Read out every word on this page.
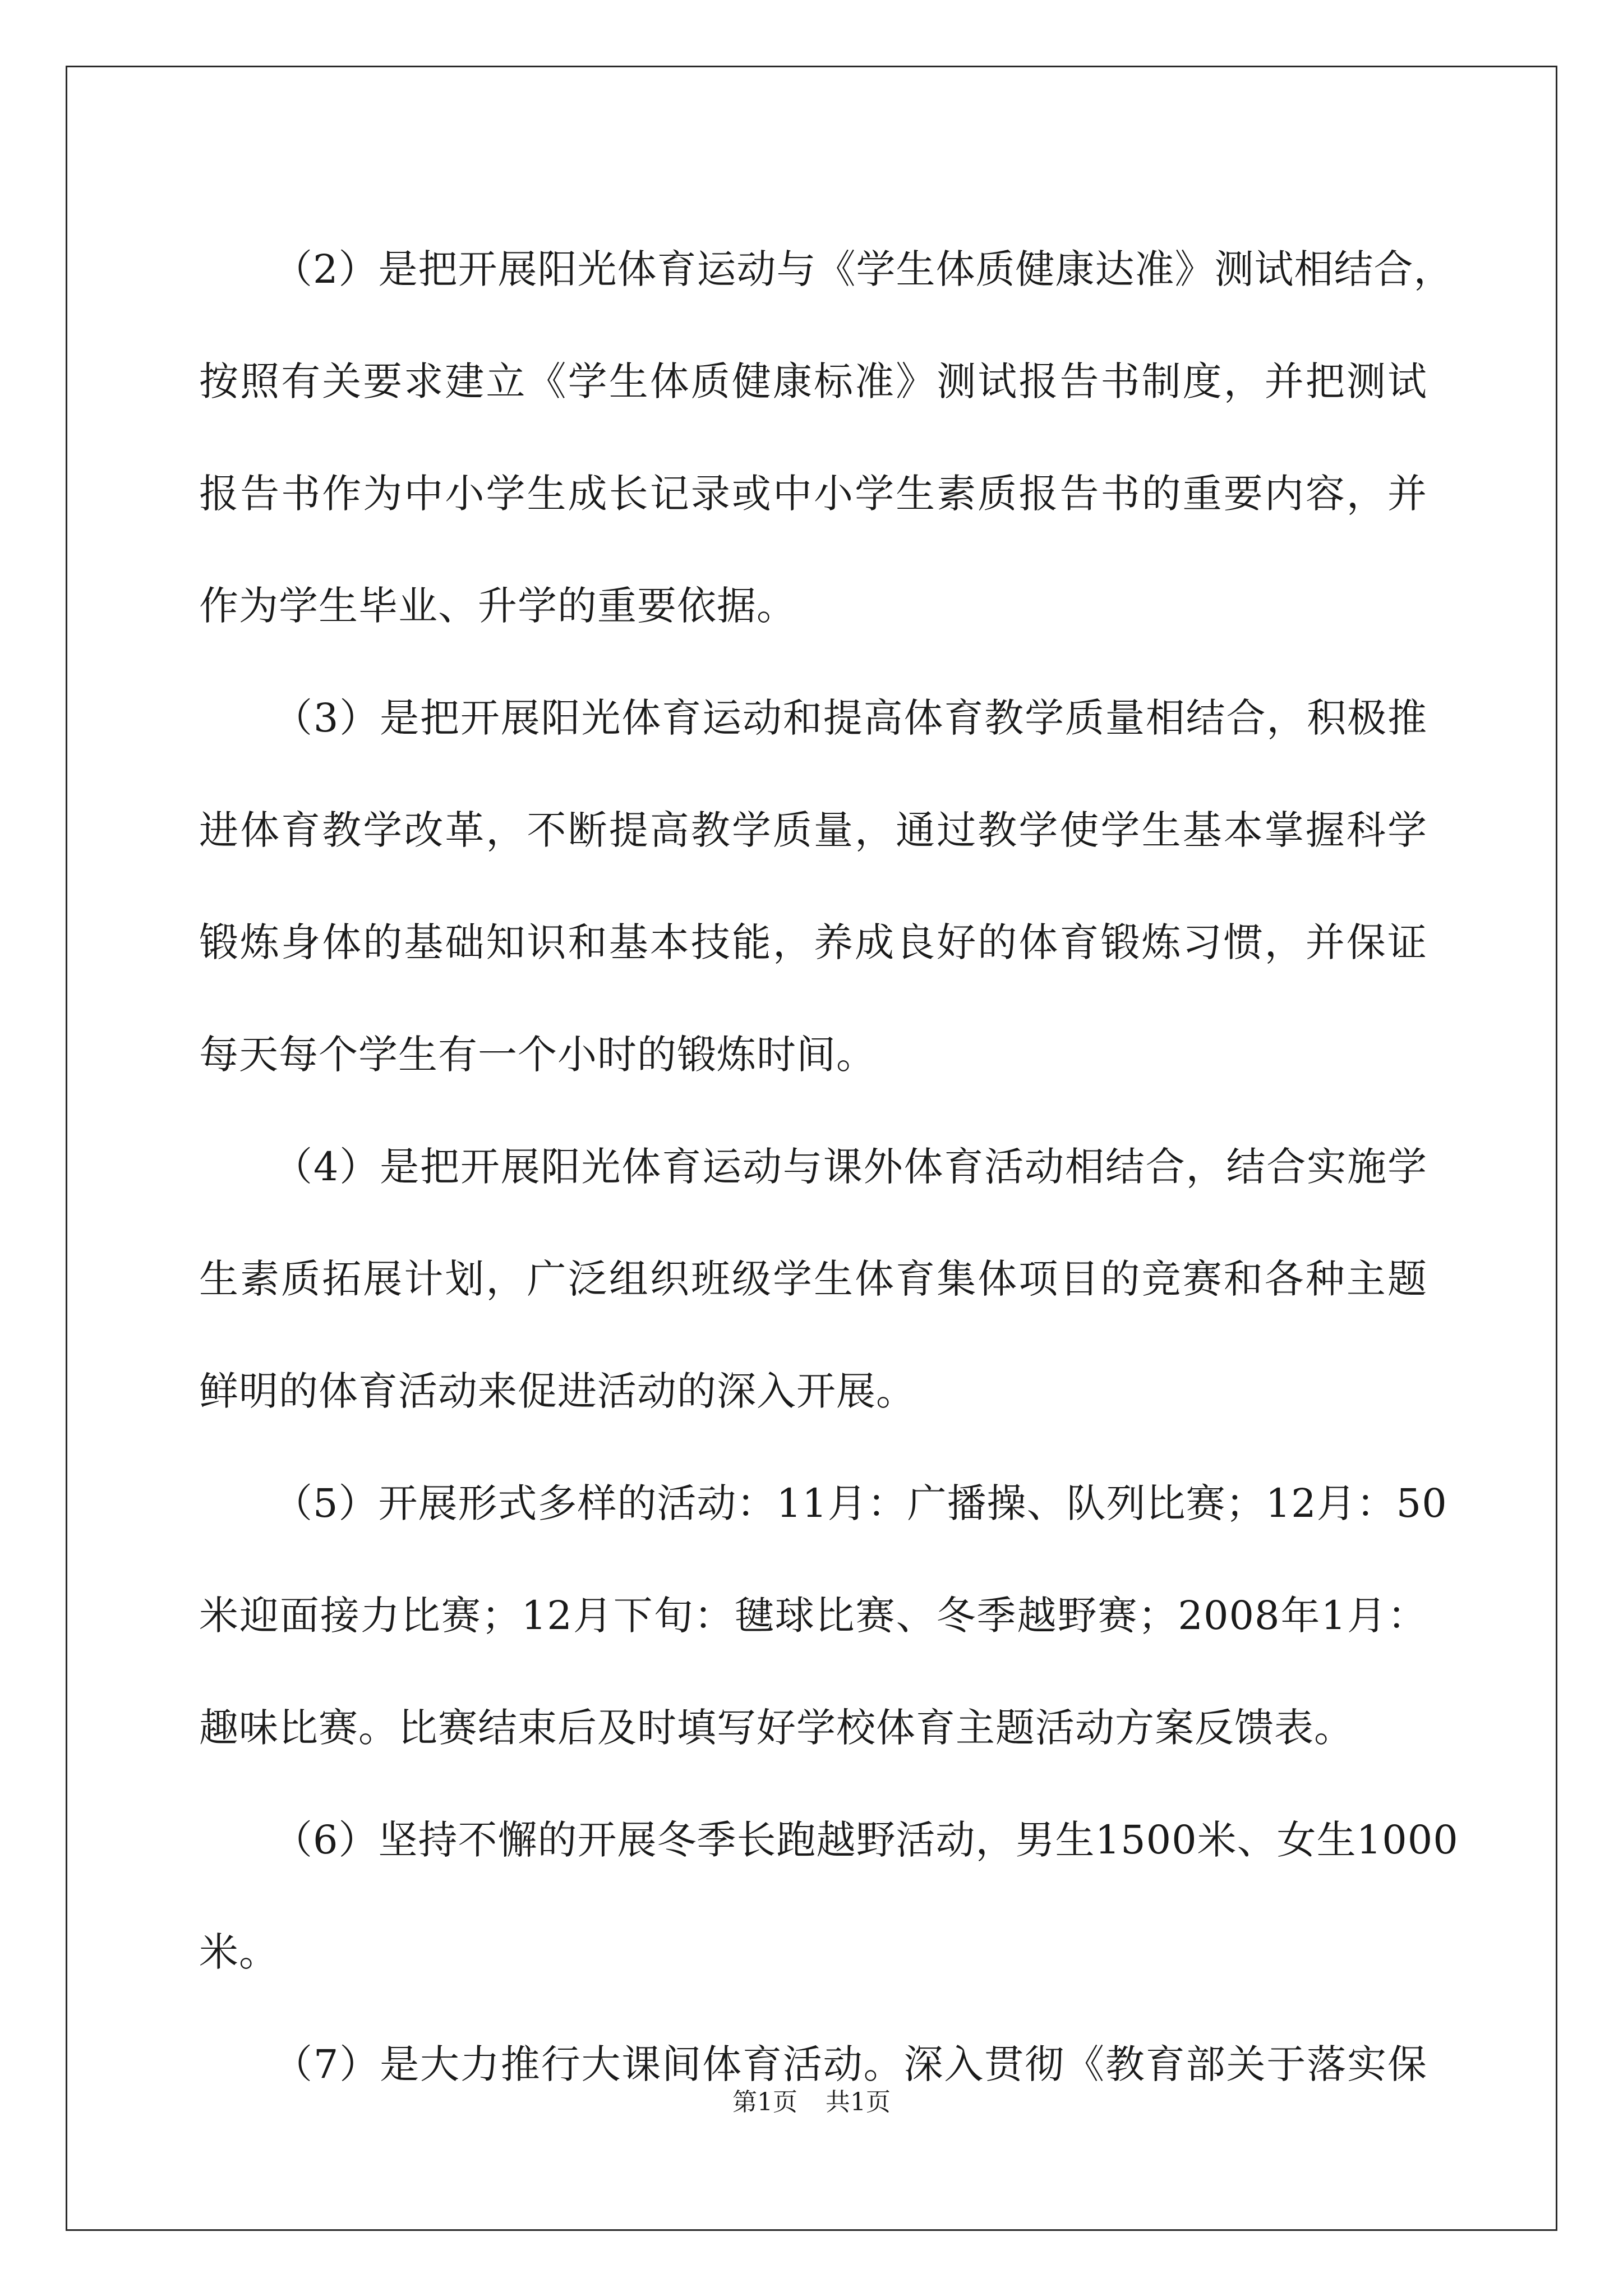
（2）是把开展阳光体育运动与《学生体质健康达准》测试相结合，
按照有关要求建立《学生体质健康标准》测试报告书制度，并把测试
报告书作为中小学生成长记录或中小学生素质报告书的重要内容，并
作为学生毕业、升学的重要依据。
（3）是把开展阳光体育运动和提高体育教学质量相结合，积极推
进体育教学改革，不断提高教学质量，通过教学使学生基本掌握科学
锻炼身体的基础知识和基本技能，养成良好的体育锻炼习惯，并保证
每天每个学生有一个小时的锻炼时间。
（4）是把开展阳光体育运动与课外体育活动相结合，结合实施学
生素质拓展计划，广泛组织班级学生体育集体项目的竞赛和各种主题
鲜明的体育活动来促进活动的深入开展。
（5）开展形式多样的活动：11月：广播操、队列比赛；12月：50
米迎面接力比赛；12月下旬：毽球比赛、冬季越野赛；2008年1月：
趣味比赛。比赛结束后及时填写好学校体育主题活动方案反馈表。
（6）坚持不懈的开展冬季长跑越野活动，男生1500米、女生1000
米。
（7）是大力推行大课间体育活动。深入贯彻《教育部关于落实保
第1页 共1页
